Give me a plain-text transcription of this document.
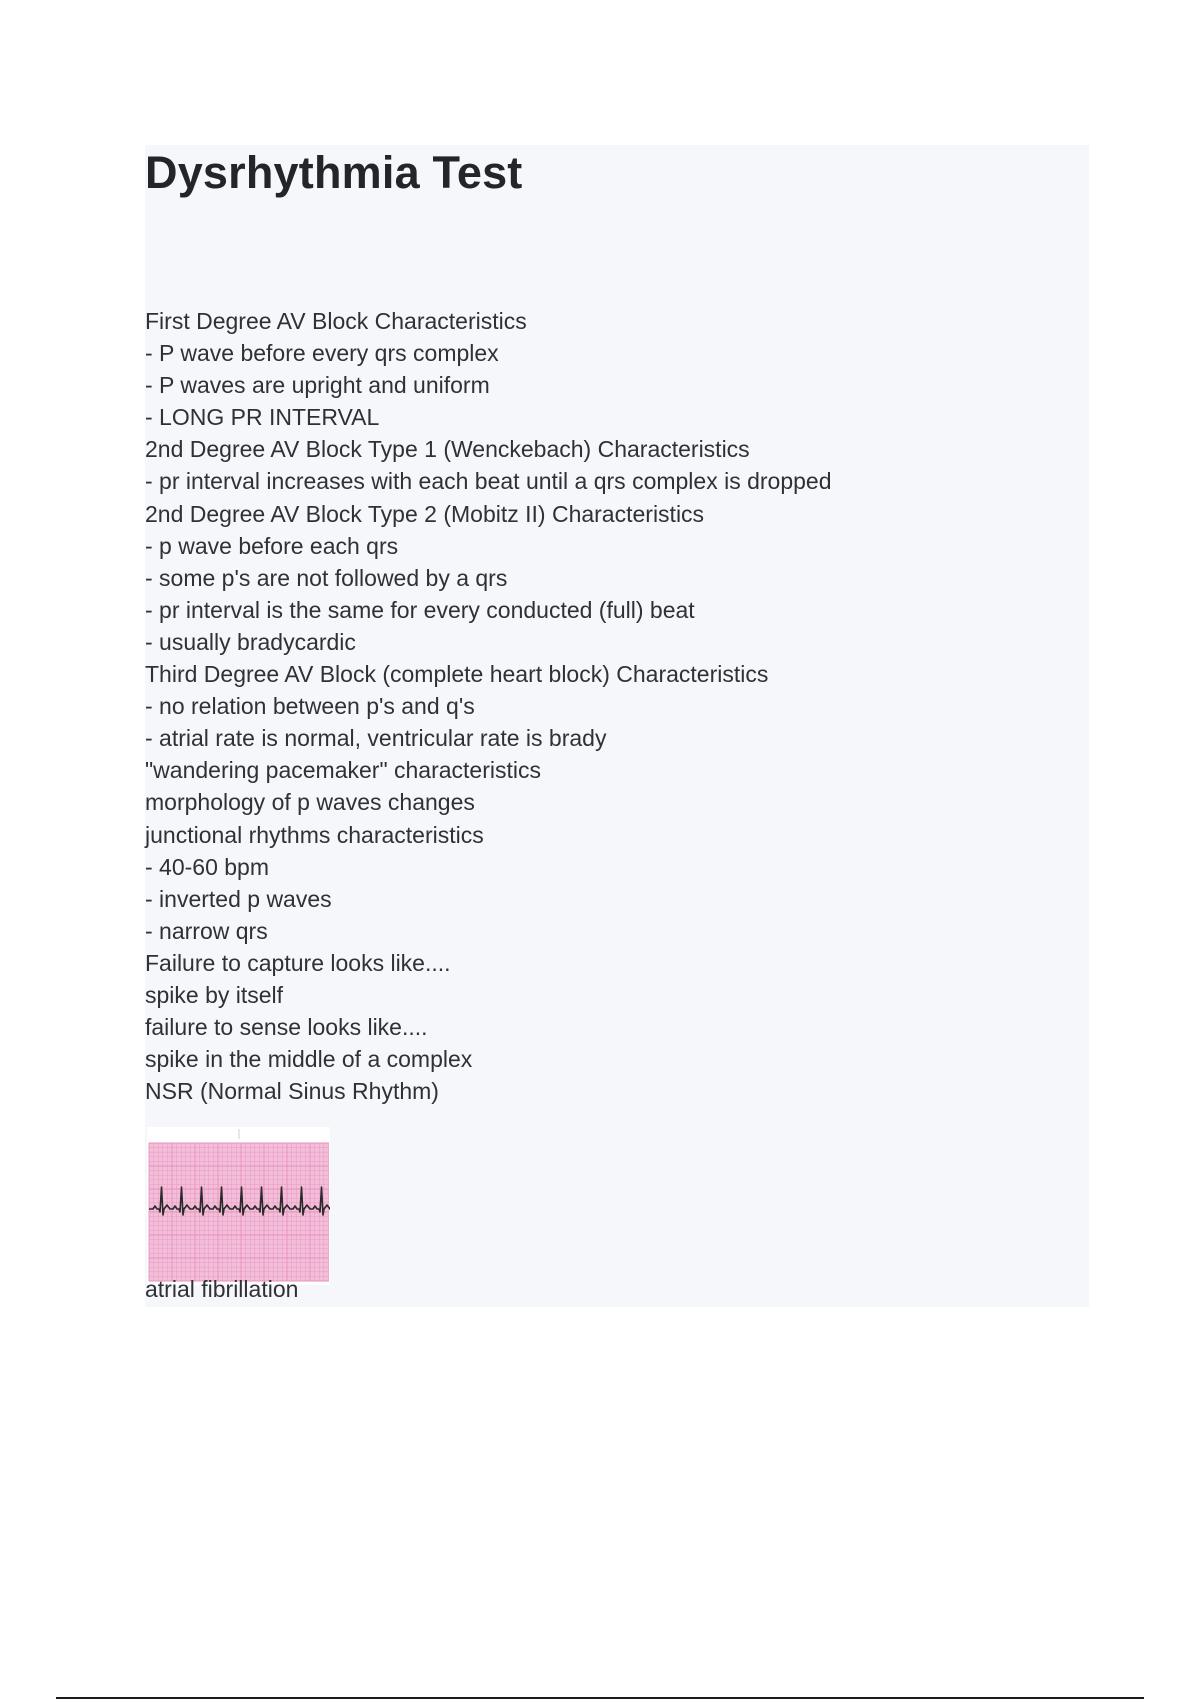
Dysrhythmia Test
First Degree AV Block Characteristics
- P wave before every qrs complex
- P waves are upright and uniform
- LONG PR INTERVAL
2nd Degree AV Block Type 1 (Wenckebach) Characteristics
- pr interval increases with each beat until a qrs complex is dropped
2nd Degree AV Block Type 2 (Mobitz II) Characteristics
- p wave before each qrs
- some p's are not followed by a qrs
- pr interval is the same for every conducted (full) beat
- usually bradycardic
Third Degree AV Block (complete heart block) Characteristics
- no relation between p's and q's
- atrial rate is normal, ventricular rate is brady
"wandering pacemaker" characteristics
morphology of p waves changes
junctional rhythms characteristics
- 40-60 bpm
- inverted p waves
- narrow qrs
Failure to capture looks like....
spike by itself
failure to sense looks like....
spike in the middle of a complex
NSR (Normal Sinus Rhythm)
atrial fibrillation
